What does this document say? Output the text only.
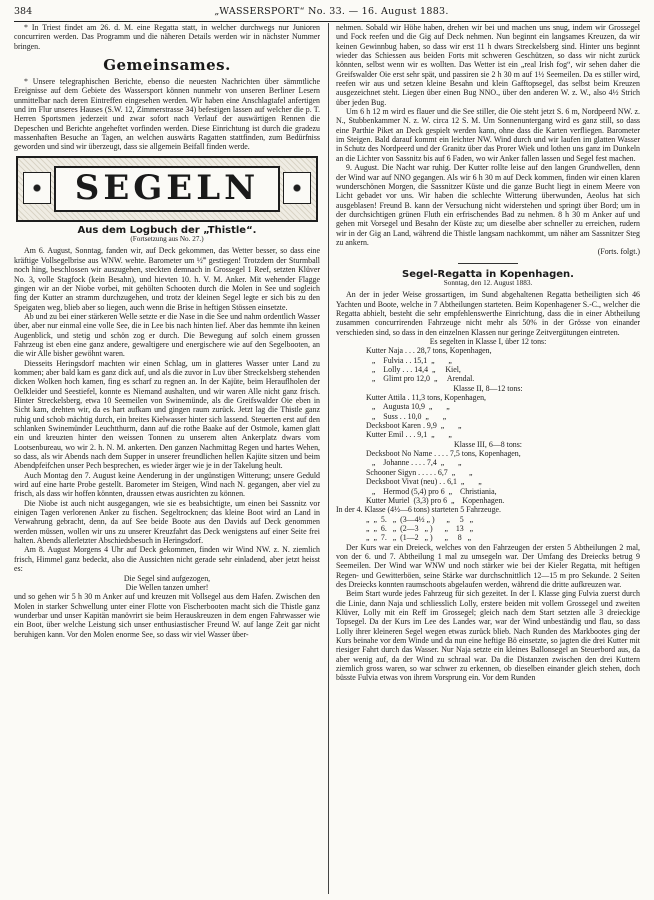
384	„WASSERSPORT“ No. 33. — 16. August 1883.

* In Triest findet am 26. d. M. eine Regatta statt, in welcher durchwegs nur Junioren concurriren werden. Das Programm und die näheren Details werden wir in nächster Nummer bringen.

Gemeinsames.

* Unsere telegraphischen Berichte, ebenso die neuesten Nachrichten über sämmtliche Ereignisse auf dem Gebiete des Wassersport können nunmehr von unseren Berliner Lesern unmittelbar nach deren Eintreffen eingesehen werden. Wir haben eine Anschlagtafel anfertigen und im Flur unseres Hauses (S.W. 12, Zimmerstrasse 34) befestigen lassen auf welcher die p. T. Herren Sportsmen jederzeit und zwar sofort nach Verlauf der auswärtigen Rennen die Depeschen und Berichte angeheftet vorfinden werden. Diese Einrichtung ist durch die gradezu massenhaften Besuche an Tagen, an welchen auswärts Ragatten stattfinden, zum Bedürfniss geworden und sind wir überzeugt, dass sie allgemein Beifall finden werde.

SEGELN
Aus dem Logbuch der „Thistle“.
(Fortsetzung aus No. 27.)

Am 6. August, Sonntag, fanden wir, auf Deck gekommen, das Wetter besser, so dass eine kräftige Vollsegelbrise aus WNW. wehte. Barometer um ½‴ gestiegen! Trotzdem der Sturmball noch hing, beschlossen wir auszugehen, steckten demnach in Grossegel 1 Reef, setzten Klüver No. 3, volle Stagfock (kein Besahn), und hievten 10. h. V. M. Anker. Mit wehender Flagge gingen wir an der Niobe vorbei, mit gehölten Schooten durch die Molen in See und sogleich fing der Kutter an stramm durchzugehen, und trotz der kleinen Segel legte er sich bis zu den Speigaten weg, blieb aber so liegen, auch wenn die Brise in heftigen Stössen einsetzte.

Ab und zu bei einer stärkeren Welle setzte er die Nase in die See und nahm ordentlich Wasser über, aber nur einmal eine volle See, die in Lee bis nach hinten lief. Aber das hemmte ihn keinen Augenblick, und stetig und schön zog er durch. Die Bewegung auf solch einem grossen Fahrzeug ist eben eine ganz andere, gewaltigere und energischere wie auf den Segelbooten, an die wir Alle bisher gewöhnt waren.

Diesseits Heringsdorf machten wir einen Schlag, um in glatteres Wasser unter Land zu kommen; aber bald kam es ganz dick auf, und als die zuvor in Luv über Streckelsberg stehenden dicken Wolken hoch kamen, fing es scharf zu regnen an. In der Kajüte, beim Herauflholen der Oelkleider und Seestiefel, konnte es Niemand aushalten, und wir waren Alle nicht ganz frisch. Hinter Streckelsberg, etwa 10 Seemeilen von Swinemünde, als die Greifswalder Oie eben in Sicht kam, drehten wir, da es hart aufkam und gingen raum zurück. Jetzt lag die Thistle ganz ruhig und schob mächtig durch, ein breites Kielwasser hinter sich lassend. Steuerten erst auf den schlanken Swinemünder Leuchtthurm, dann auf die rothe Baake auf der Ostmole, kamen glatt ein und kreuzten hinter den weissen Tonnen zu unserem alten Ankerplatz dwars vom Lootsenbureau, wo wir 2. h. N. M. ankerten. Den ganzen Nachmittag Regen und hartes Wehen, so dass, als wir Abends nach dem Supper in unserer freundlichen hellen Kajüte sitzen und beim Abendpfeifchen unser Pech besprechen, es wieder ärger wie je in der Takelung heult.

Auch Montag den 7. August keine Aenderung in der ungünstigen Witterung; unsere Geduld wird auf eine harte Probe gestellt. Barometer im Steigen, Wind nach N. gegangen, aber viel zu frisch, als dass wir hoffen könnten, draussen etwas ausrichten zu können.

Die Niobe ist auch nicht ausgegangen, wie sie es beabsichtigte, um einen bei Sassnitz vor einigen Tagen verlorenen Anker zu fischen. Segeltrocknen; das kleine Boot wird an Land in Verwahrung gebracht, denn, da auf See beide Boote aus den Davids auf Deck genommen werden müssen, wollen wir uns zu unserer Kreuzfahrt das Deck wenigstens auf einer Seite frei halten. Abends allerletzter Abschiedsbesuch in Heringsdorf.

Am 8. August Morgens 4 Uhr auf Deck gekommen, finden wir Wind NW. z. N. ziemlich frisch, Himmel ganz bedeckt, also die Aussichten nicht gerade sehr einladend, aber jetzt heisst es:

Die Segel sind aufgezogen,

Die Wellen tanzen umher!

und so gehen wir 5 h 30 m Anker auf und kreuzen mit Vollsegel aus dem Hafen. Zwischen den Molen in starker Schwellung unter einer Flotte von Fischerbooten macht sich die Thistle ganz wunderbar und unser Kapitän manövrirt sie beim Herauskreuzen in dem engen Fahrwasser wie ein Boot, über welche Leistung sich unser enthusiastischer Freund W. auf lange Zeit gar nicht beruhigen kann. Vor den Molen enorme See, so dass wir viel Wasser über-

nehmen. Sobald wir Höhe haben, drehen wir bei und machen uns snug, indem wir Grossegel und Fock reefen und die Gig auf Deck nehmen. Nun beginnt ein langsames Kreuzen, da wir keinen Gewinnbug haben, so dass wir erst 11 h dwars Streckelsberg sind. Hinter uns beginnt wieder das Schiessen aus beiden Forts mit schweren Geschützen, so dass wir nicht zurück könnten, selbst wenn wir es wollten. Das Wetter ist ein „real Irish fog“, wir sehen daher die Greifswalder Oie erst sehr spät, und passiren sie 2 h 30 m auf 1½ Seemeilen. Da es stiller wird, reefen wir aus und setzen kleine Besahn und klein Gafftopsegel, das selbst beim Kreuzen ausgezeichnet steht. Liegen über einen Bug NNO., über den anderen W. z. W., also 4½ Strich über jeden Bug.

Um 6 h 12 m wird es flauer und die See stiller, die Oie steht jetzt S. 6 m, Nordpeerd NW. z. N., Stubbenkammer N. z. W. circa 12 S. M. Um Sonnenuntergang wird es ganz still, so dass eine Parthie Piket an Deck gespielt werden kann, ohne dass die Karten verfliegen. Barometer im Steigen. Bald darauf kommt ein leichter NW. Wind durch und wir laufen im glatten Wasser in Schutz des Nordpeerd und der Granitz über das Prorer Wiek und lothen uns ganz im Dunkeln an die Lichter von Sassnitz bis auf 6 Faden, wo wir Anker fallen lassen und Segel fest machen.

9. August. Die Nacht war ruhig. Der Kutter rollte leise auf den langen Grundwellen, denn der Wind war auf NNO gegangen. Als wir 6 h 30 m auf Deck kommen, finden wir einen klaren wunderschönen Morgen, die Sassnitzer Küste und die ganze Bucht liegt in einem Meere von Licht gebadet vor uns. Wir haben die schlechte Witterung überwunden, Aeolus hat sich ausgeblasen! Freund B. kann der Versuchung nicht widerstehen und springt über Bord; um in der durchsichtigen grünen Fluth ein erfrischendes Bad zu nehmen. 8 h 30 m Anker auf und gehen mit Vorsegel und Besahn der Küste zu; um dieselbe aber schneller zu erreichen, rudern wir in der Gig an Land, während die Thistle langsam nachkommt, um näher am Sassnitzer Steg zu ankern.

(Forts. folgt.)

Segel-Regatta in Kopenhagen.
Sonntag, den 12. August 1883.

An der in jeder Weise grossartigen, im Sund abgehaltenen Regatta betheiligten sich 46 Yachten und Boote, welche in 7 Abtheilungen starteten. Beim Kopenhagener S.-C., welcher die Regatta abhielt, besteht die sehr empfehlenswerthe Einrichtung, dass die in einer Abtheilung zusammen concurrirenden Fahrzeuge nicht mehr als 50% in der Grösse von einander verschieden sind, so dass in den einzelnen Klassen nur geringe Zeitvergütungen eintreten.

Es segelten in Klasse I, über 12 tons:

Kutter Naja . . . 28,7 tons, Kopenhagen,

„    Fulvia . . 15,1  „       „

„    Lolly . . . 14,4  „     Kiel,

„    Glimt pro 12,0  „     Arendal.

Klasse II, 8—12 tons:

Kutter Attila . 11,3 tons, Kopenhagen,

„    Augusta 10,9  „       „

„    Suss . . 10,0  „       „

Decksboot Karen . 9,9  „       „

Kutter Emil . . . 9,1  „       „

Klasse III, 6—8 tons:

Decksboot No Name . . . . 7,5 tons, Kopenhagen,

„    Johanne . . . . 7,4  „       „

Schooner Sigyn . . . . . 6,7  „       „

Decksboot Vivat (neu) . . 6,1  „       „

„    Hermod (5,4) pro 6  „    Christiania,

Kutter Muriel  (3,3) pro 6  „    Kopenhagen.

In der 4. Klasse (4½—6 tons) starteten 5 Fahrzeuge.

„  „  5.   „  (3—4½ „ )      „     5   „

„  „  6.   „  (2—3   „ )      „    13   „

„  „  7.   „  (1—2   „ )      „     8   „

Der Kurs war ein Dreieck, welches von den Fahrzeugen der ersten 5 Abtheilungen 2 mal, von der 6. und 7. Abtheilung 1 mal zu umsegeln war. Der Umfang des Dreiecks betrug 9 Seemeilen. Der Wind war WNW und noch stärker wie bei der Kieler Regatta, mit heftigen Regen- und Gewitterböen, seine Stärke war durchschnittlich 12—15 m pro Sekunde. 2 Seiten des Dreiecks konnten raumschoots abgelaufen werden, während die dritte aufkreuzen war.

Beim Start wurde jedes Fahrzeug für sich gezeitet. In der I. Klasse ging Fulvia zuerst durch die Linie, dann Naja und schliesslich Lolly, erstere beiden mit vollem Grossegel und zweiten Klüver, Lolly mit ein Reff im Grossegel; gleich nach dem Start setzten alle 3 dreieckige Topsegel. Da der Kurs im Lee des Landes war, war der Wind unbeständig und flau, so dass Lolly ihrer kleineren Segel wegen etwas zurück blieb. Nach Runden des Markbootes ging der Kurs beinahe vor dem Winde und da nun eine heftige Bö einsetzte, so jagten die drei Kutter mit riesiger Fahrt durch das Wasser. Nur Naja setzte ein kleines Ballonsegel an Steuerbord aus, da aber wenig auf, da der Wind zu schraal war. Da die Distanzen zwischen den drei Kuttern ziemlich gross waren, so war schwer zu erkennen, ob dieselben einander gleich stehen, doch büsste Fulvia etwas von ihrem Vorsprung ein. Vor dem Runden
